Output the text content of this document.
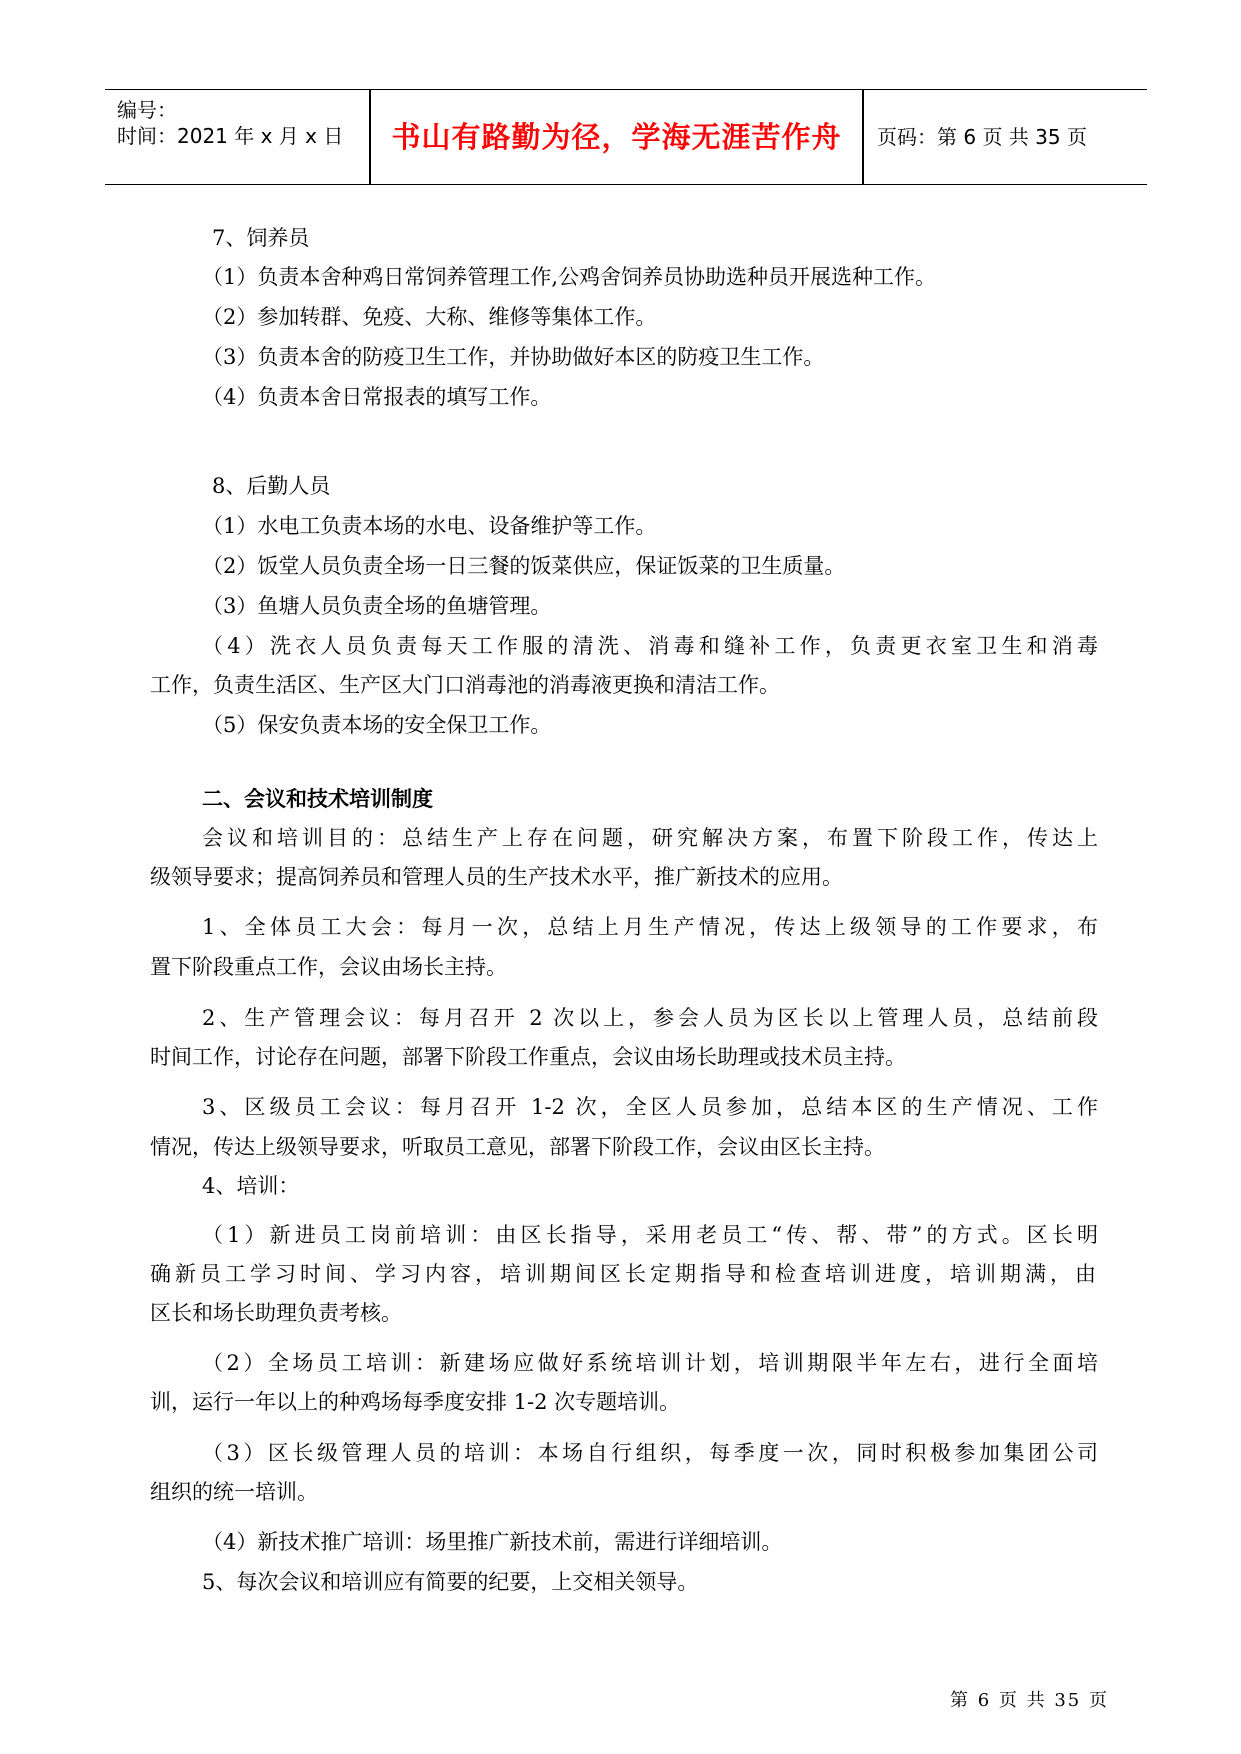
编号：
时间：2021 年 x 月 x 日	书山有路勤为径，学海无涯苦作舟	页码：第 6 页 共 35 页
7、饲养员
（1）负责本舍种鸡日常饲养管理工作,公鸡舍饲养员协助选种员开展选种工作。
（2）参加转群、免疫、大称、维修等集体工作。
（3）负责本舍的防疫卫生工作，并协助做好本区的防疫卫生工作。
（4）负责本舍日常报表的填写工作。
8、后勤人员
（1）水电工负责本场的水电、设备维护等工作。
（2）饭堂人员负责全场一日三餐的饭菜供应，保证饭菜的卫生质量。
（3）鱼塘人员负责全场的鱼塘管理。
（4）洗衣人员负责每天工作服的清洗、消毒和缝补工作，负责更衣室卫生和消毒
工作，负责生活区、生产区大门口消毒池的消毒液更换和清洁工作。
（5）保安负责本场的安全保卫工作。
二、会议和技术培训制度
会议和培训目的：总结生产上存在问题，研究解决方案，布置下阶段工作，传达上
级领导要求；提高饲养员和管理人员的生产技术水平，推广新技术的应用。
1、全体员工大会：每月一次，总结上月生产情况，传达上级领导的工作要求，布
置下阶段重点工作，会议由场长主持。
2、生产管理会议：每月召开 2 次以上，参会人员为区长以上管理人员，总结前段
时间工作，讨论存在问题，部署下阶段工作重点，会议由场长助理或技术员主持。
3、区级员工会议：每月召开 1-2 次，全区人员参加，总结本区的生产情况、工作
情况，传达上级领导要求，听取员工意见，部署下阶段工作，会议由区长主持。
4、培训：
（1）新进员工岗前培训：由区长指导，采用老员工“传、帮、带”的方式。区长明
确新员工学习时间、学习内容，培训期间区长定期指导和检查培训进度，培训期满，由
区长和场长助理负责考核。
（2）全场员工培训：新建场应做好系统培训计划，培训期限半年左右，进行全面培
训，运行一年以上的种鸡场每季度安排 1-2 次专题培训。
（3）区长级管理人员的培训：本场自行组织，每季度一次，同时积极参加集团公司
组织的统一培训。
（4）新技术推广培训：场里推广新技术前，需进行详细培训。
5、每次会议和培训应有简要的纪要，上交相关领导。
第 6 页 共 35 页
